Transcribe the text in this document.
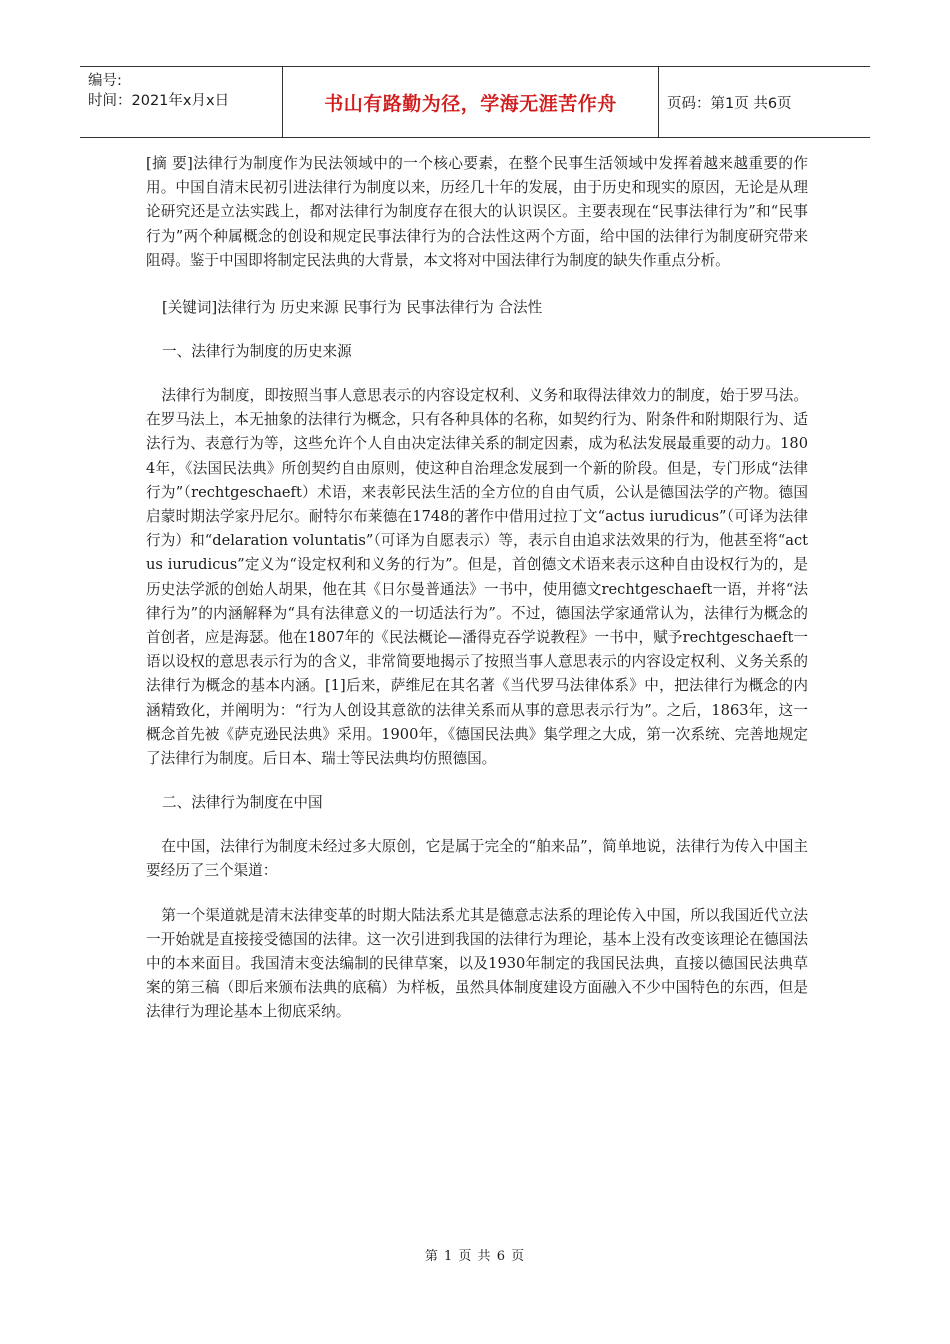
编号:
时间：2021年x月x日	书山有路勤为径，学海无涯苦作舟	页码：第1页 共6页

[摘 要]法律行为制度作为民法领域中的一个核心要素，在整个民事生活领域中发挥着越来越重要的作用。中国自清末民初引进法律行为制度以来，历经几十年的发展，由于历史和现实的原因，无论是从理论研究还是立法实践上，都对法律行为制度存在很大的认识误区。主要表现在“民事法律行为”和“民事行为”两个种属概念的创设和规定民事法律行为的合法性这两个方面，给中国的法律行为制度研究带来阻碍。鉴于中国即将制定民法典的大背景，本文将对中国法律行为制度的缺失作重点分析。

[关键词]法律行为 历史来源 民事行为 民事法律行为 合法性

一、法律行为制度的历史来源

法律行为制度，即按照当事人意思表示的内容设定权利、义务和取得法律效力的制度，始于罗马法。在罗马法上，本无抽象的法律行为概念，只有各种具体的名称，如契约行为、附条件和附期限行为、适法行为、表意行为等，这些允许个人自由决定法律关系的制定因素，成为私法发展最重要的动力。1804年，《法国民法典》所创契约自由原则，使这种自治理念发展到一个新的阶段。但是，专门形成“法律行为”（rechtgeschaeft）术语，来表彰民法生活的全方位的自由气质，公认是德国法学的产物。德国启蒙时期法学家丹尼尔。耐特尔布莱德在1748的著作中借用过拉丁文“actus iurudicus”（可译为法律行为）和“delaration voluntatis”（可译为自愿表示）等，表示自由追求法效果的行为，他甚至将“actus iurudicus”定义为“设定权利和义务的行为”。但是，首创德文术语来表示这种自由设权行为的，是历史法学派的创始人胡果，他在其《日尔曼普通法》一书中，使用德文rechtgeschaeft一语，并将“法律行为”的内涵解释为“具有法律意义的一切适法行为”。不过，德国法学家通常认为，法律行为概念的首创者，应是海瑟。他在1807年的《民法概论—潘得克吞学说教程》一书中，赋予rechtgeschaeft一语以设权的意思表示行为的含义，非常简要地揭示了按照当事人意思表示的内容设定权利、义务关系的法律行为概念的基本内涵。[1]后来，萨维尼在其名著《当代罗马法律体系》中，把法律行为概念的内涵精致化，并阐明为：“行为人创设其意欲的法律关系而从事的意思表示行为”。之后，1863年，这一概念首先被《萨克逊民法典》采用。1900年，《德国民法典》集学理之大成，第一次系统、完善地规定了法律行为制度。后日本、瑞士等民法典均仿照德国。

二、法律行为制度在中国

在中国，法律行为制度未经过多大原创，它是属于完全的“舶来品”，简单地说，法律行为传入中国主要经历了三个渠道：

第一个渠道就是清末法律变革的时期大陆法系尤其是德意志法系的理论传入中国，所以我国近代立法一开始就是直接接受德国的法律。这一次引进到我国的法律行为理论，基本上没有改变该理论在德国法中的本来面目。我国清末变法编制的民律草案，以及1930年制定的我国民法典，直接以德国民法典草案的第三稿（即后来颁布法典的底稿）为样板，虽然具体制度建设方面融入不少中国特色的东西，但是法律行为理论基本上彻底采纳。

第 1 页 共 6 页
